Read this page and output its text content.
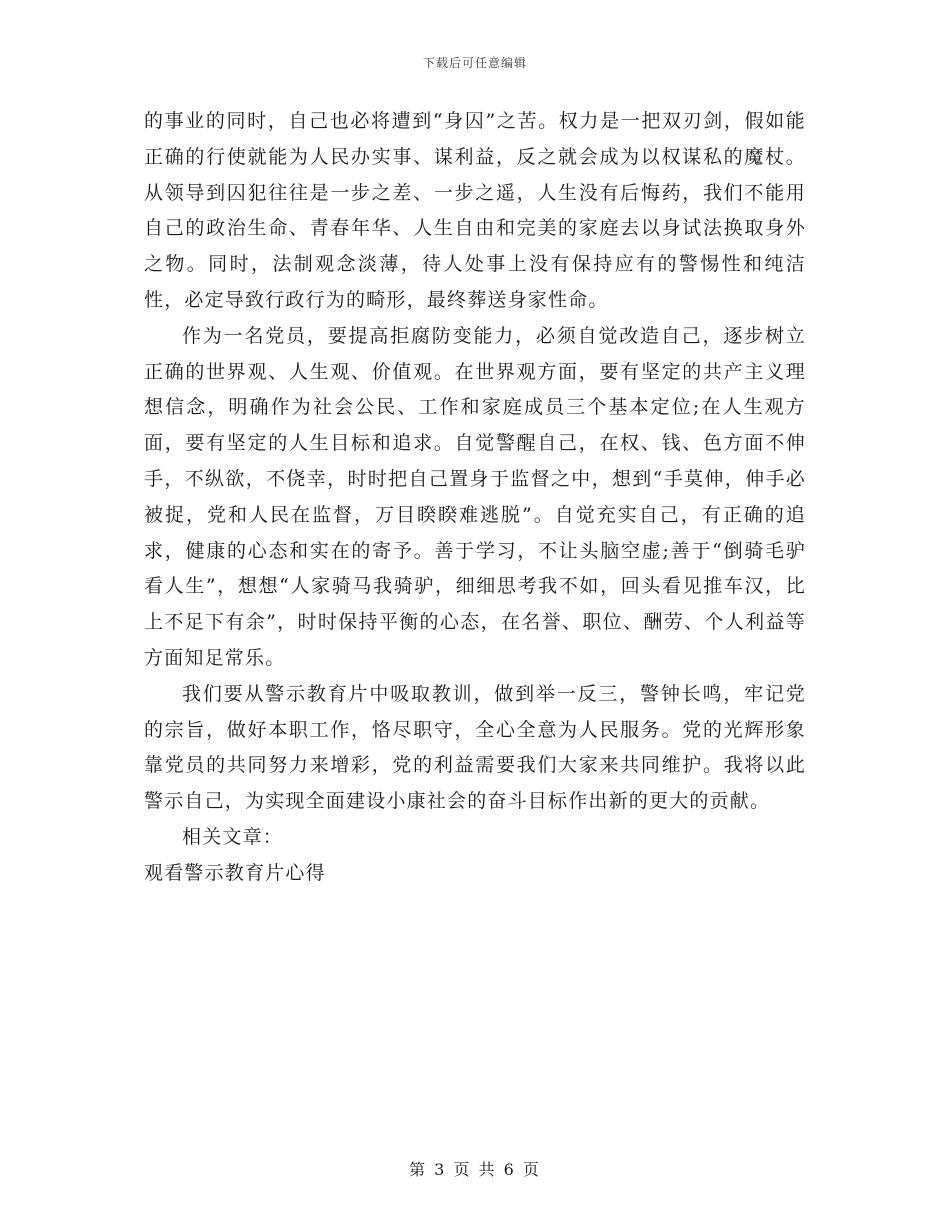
下载后可任意编辑

的事业的同时，自己也必将遭到“身囚”之苦。权力是一把双刃剑，假如能正确的行使就能为人民办实事、谋利益，反之就会成为以权谋私的魔杖。从领导到囚犯往往是一步之差、一步之遥，人生没有后悔药，我们不能用自己的政治生命、青春年华、人生自由和完美的家庭去以身试法换取身外之物。同时，法制观念淡薄，待人处事上没有保持应有的警惕性和纯洁性，必定导致行政行为的畸形，最终葬送身家性命。

作为一名党员，要提高拒腐防变能力，必须自觉改造自己，逐步树立正确的世界观、人生观、价值观。在世界观方面，要有坚定的共产主义理想信念，明确作为社会公民、工作和家庭成员三个基本定位;在人生观方面，要有坚定的人生目标和追求。自觉警醒自己，在权、钱、色方面不伸手，不纵欲，不侥幸，时时把自己置身于监督之中，想到“手莫伸，伸手必被捉，党和人民在监督，万目睽睽难逃脱”。自觉充实自己，有正确的追求，健康的心态和实在的寄予。善于学习，不让头脑空虚;善于“倒骑毛驴看人生”，想想“人家骑马我骑驴，细细思考我不如，回头看见推车汉，比上不足下有余”，时时保持平衡的心态，在名誉、职位、酬劳、个人利益等方面知足常乐。

我们要从警示教育片中吸取教训，做到举一反三，警钟长鸣，牢记党的宗旨，做好本职工作，恪尽职守，全心全意为人民服务。党的光辉形象靠党员的共同努力来增彩，党的利益需要我们大家来共同维护。我将以此警示自己，为实现全面建设小康社会的奋斗目标作出新的更大的贡献。

相关文章：

观看警示教育片心得

第 3 页 共 6 页
